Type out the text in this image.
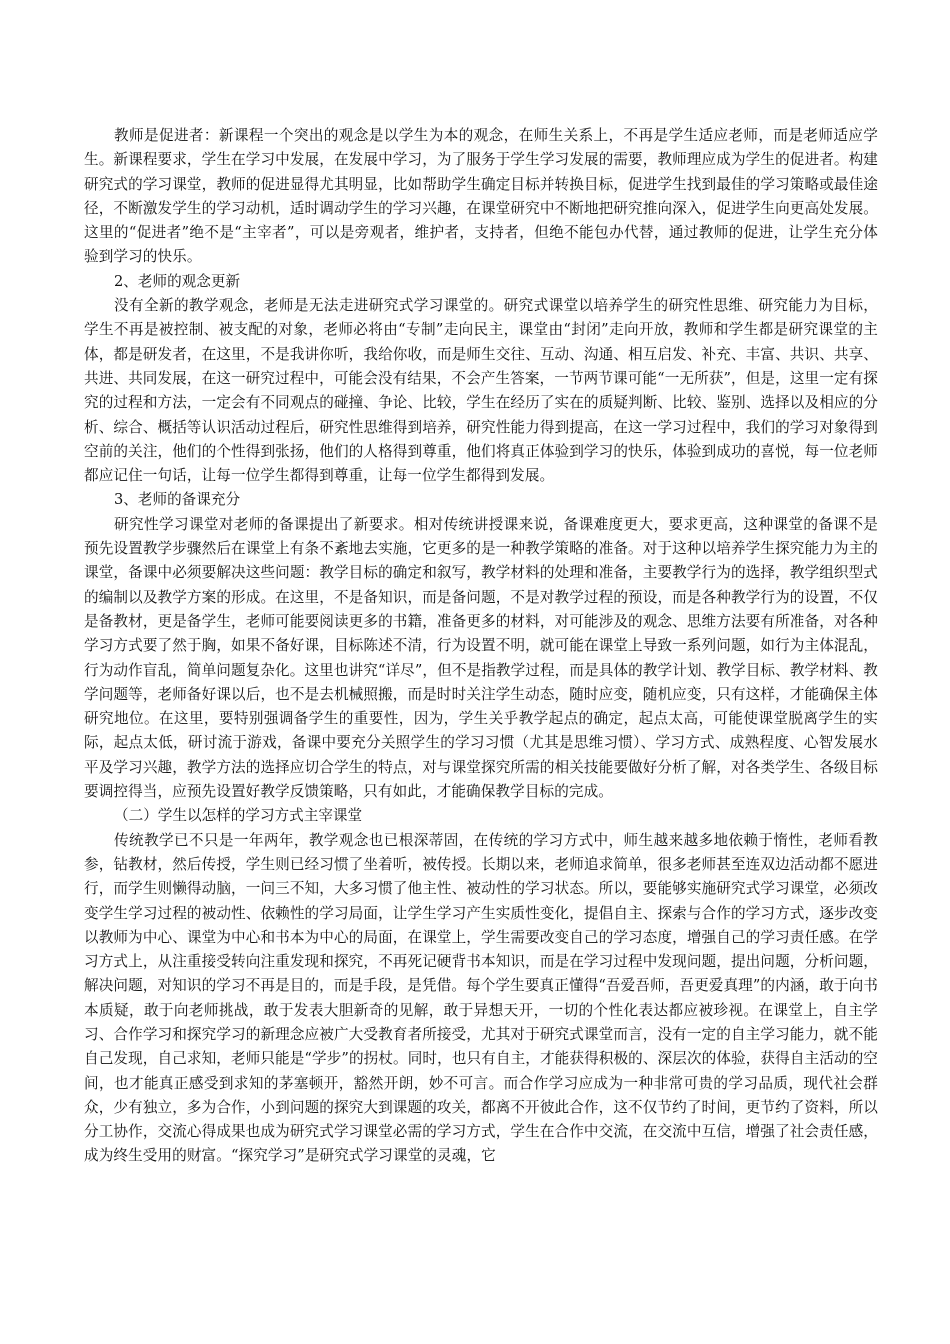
教师是促进者：新课程一个突出的观念是以学生为本的观念，在师生关系上，不再是学生适应老师，而是老师适应学生。新课程要求，学生在学习中发展，在发展中学习，为了服务于学生学习发展的需要，教师理应成为学生的促进者。构建研究式的学习课堂，教师的促进显得尤其明显，比如帮助学生确定目标并转换目标，促进学生找到最佳的学习策略或最佳途径，不断激发学生的学习动机，适时调动学生的学习兴趣，在课堂研究中不断地把研究推向深入，促进学生向更高处发展。这里的“促进者”绝不是“主宰者”，可以是旁观者，维护者，支持者，但绝不能包办代替，通过教师的促进，让学生充分体验到学习的快乐。

2、老师的观念更新

没有全新的教学观念，老师是无法走进研究式学习课堂的。研究式课堂以培养学生的研究性思维、研究能力为目标，学生不再是被控制、被支配的对象，老师必将由“专制”走向民主，课堂由“封闭”走向开放，教师和学生都是研究课堂的主体，都是研发者，在这里，不是我讲你听，我给你收，而是师生交往、互动、沟通、相互启发、补充、丰富、共识、共享、共进、共同发展，在这一研究过程中，可能会没有结果，不会产生答案，一节两节课可能“一无所获”，但是，这里一定有探究的过程和方法，一定会有不同观点的碰撞、争论、比较，学生在经历了实在的质疑判断、比较、鉴别、选择以及相应的分析、综合、概括等认识活动过程后，研究性思维得到培养，研究性能力得到提高，在这一学习过程中，我们的学习对象得到空前的关注，他们的个性得到张扬，他们的人格得到尊重，他们将真正体验到学习的快乐，体验到成功的喜悦，每一位老师都应记住一句话，让每一位学生都得到尊重，让每一位学生都得到发展。

3、老师的备课充分

研究性学习课堂对老师的备课提出了新要求。相对传统讲授课来说，备课难度更大，要求更高，这种课堂的备课不是预先设置教学步骤然后在课堂上有条不紊地去实施，它更多的是一种教学策略的准备。对于这种以培养学生探究能力为主的课堂，备课中必须要解决这些问题：教学目标的确定和叙写，教学材料的处理和准备，主要教学行为的选择，教学组织型式的编制以及教学方案的形成。在这里，不是备知识，而是备问题，不是对教学过程的预设，而是各种教学行为的设置，不仅是备教材，更是备学生，老师可能要阅读更多的书籍，准备更多的材料，对可能涉及的观念、思维方法要有所准备，对各种学习方式要了然于胸，如果不备好课，目标陈述不清，行为设置不明，就可能在课堂上导致一系列问题，如行为主体混乱，行为动作盲乱，简单问题复杂化。这里也讲究“详尽”，但不是指教学过程，而是具体的教学计划、教学目标、教学材料、教学问题等，老师备好课以后，也不是去机械照搬，而是时时关注学生动态，随时应变，随机应变，只有这样，才能确保主体研究地位。在这里，要特别强调备学生的重要性，因为，学生关乎教学起点的确定，起点太高，可能使课堂脱离学生的实际，起点太低，研讨流于游戏，备课中要充分关照学生的学习习惯（尤其是思维习惯）、学习方式、成熟程度、心智发展水平及学习兴趣，教学方法的选择应切合学生的特点，对与课堂探究所需的相关技能要做好分析了解，对各类学生、各级目标要调控得当，应预先设置好教学反馈策略，只有如此，才能确保教学目标的完成。

（二）学生以怎样的学习方式主宰课堂

传统教学已不只是一年两年，教学观念也已根深蒂固，在传统的学习方式中，师生越来越多地依赖于惰性，老师看教参，钻教材，然后传授，学生则已经习惯了坐着听，被传授。长期以来，老师追求简单，很多老师甚至连双边活动都不愿进行，而学生则懒得动脑，一问三不知，大多习惯了他主性、被动性的学习状态。所以，要能够实施研究式学习课堂，必须改变学生学习过程的被动性、依赖性的学习局面，让学生学习产生实质性变化，提倡自主、探索与合作的学习方式，逐步改变以教师为中心、课堂为中心和书本为中心的局面，在课堂上，学生需要改变自己的学习态度，增强自己的学习责任感。在学习方式上，从注重接受转向注重发现和探究，不再死记硬背书本知识，而是在学习过程中发现问题，提出问题，分析问题，解决问题，对知识的学习不再是目的，而是手段，是凭借。每个学生要真正懂得“吾爱吾师，吾更爱真理”的内涵，敢于向书本质疑，敢于向老师挑战，敢于发表大胆新奇的见解，敢于异想天开，一切的个性化表达都应被珍视。在课堂上，自主学习、合作学习和探究学习的新理念应被广大受教育者所接受，尤其对于研究式课堂而言，没有一定的自主学习能力，就不能自己发现，自己求知，老师只能是“学步”的拐杖。同时，也只有自主，才能获得积极的、深层次的体验，获得自主活动的空间，也才能真正感受到求知的茅塞顿开，豁然开朗，妙不可言。而合作学习应成为一种非常可贵的学习品质，现代社会群众，少有独立，多为合作，小到问题的探究大到课题的攻关，都离不开彼此合作，这不仅节约了时间，更节约了资料，所以分工协作，交流心得成果也成为研究式学习课堂必需的学习方式，学生在合作中交流，在交流中互信，增强了社会责任感，成为终生受用的财富。“探究学习”是研究式学习课堂的灵魂，它
